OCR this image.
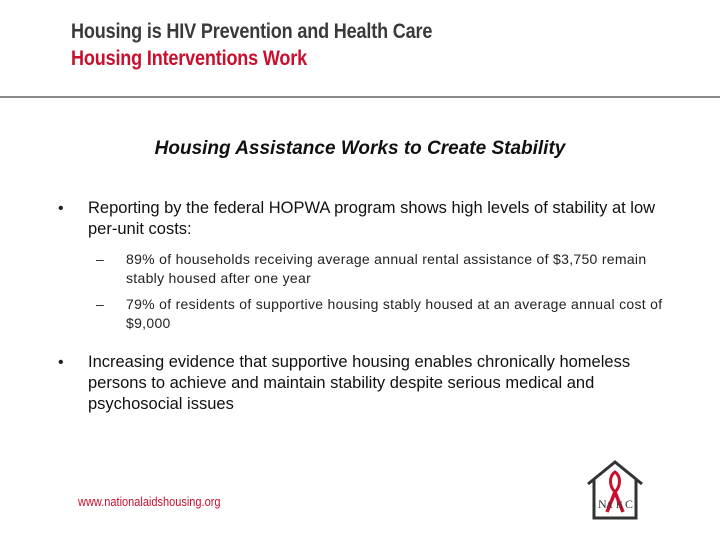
Housing is HIV Prevention and Health Care
Housing Interventions Work
Housing Assistance Works to Create Stability
•	Reporting by the federal HOPWA program shows high levels of stability at low per-unit costs:
–	89% of households receiving average annual rental assistance of $3,750 remain stably housed after one year
–	79% of residents of supportive housing stably housed at an average annual cost of $9,000
•	Increasing evidence that supportive housing enables chronically homeless persons to achieve and maintain stability despite serious medical and psychosocial issues
www.nationalaidshousing.org	N A H C
